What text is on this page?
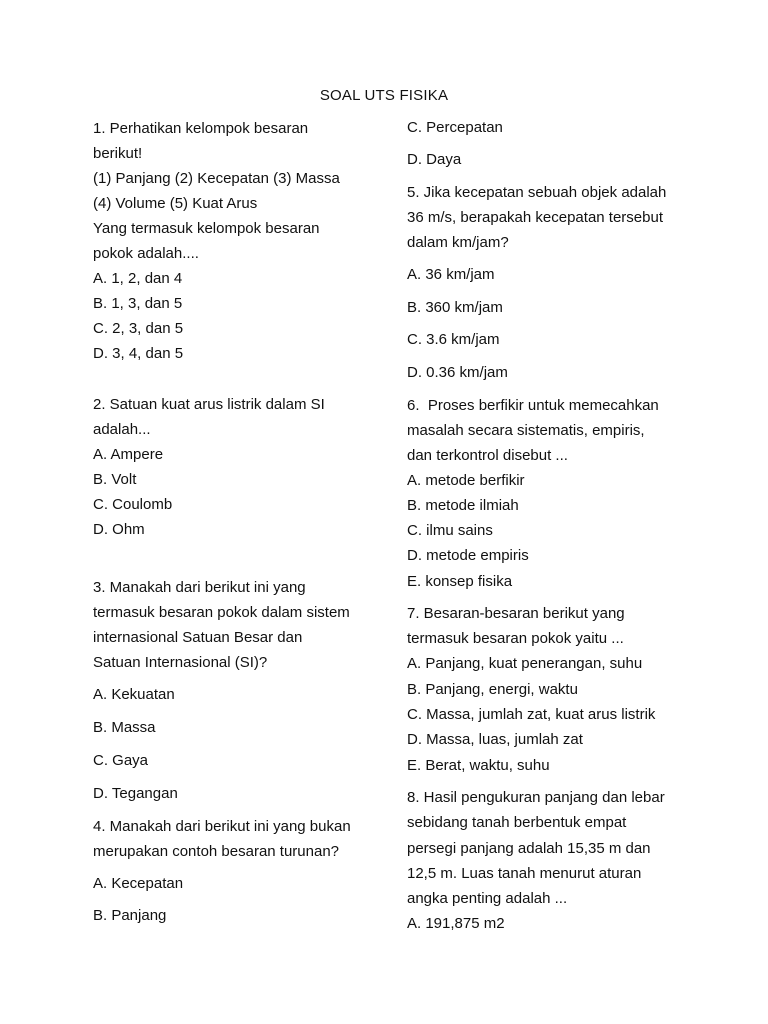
SOAL UTS FISIKA
1. Perhatikan kelompok besaran
berikut!
(1) Panjang (2) Kecepatan (3) Massa
(4) Volume (5) Kuat Arus
Yang termasuk kelompok besaran
pokok adalah....
A. 1, 2, dan 4
B. 1, 3, dan 5
C. 2, 3, dan 5
D. 3, 4, dan 5
2. Satuan kuat arus listrik dalam SI
adalah...
A. Ampere
B. Volt
C. Coulomb
D. Ohm
3. Manakah dari berikut ini yang
termasuk besaran pokok dalam sistem
internasional Satuan Besar dan
Satuan Internasional (SI)?
A. Kekuatan
B. Massa
C. Gaya
D. Tegangan
4. Manakah dari berikut ini yang bukan
merupakan contoh besaran turunan?
A. Kecepatan
B. Panjang
C. Percepatan
D. Daya
5. Jika kecepatan sebuah objek adalah
36 m/s, berapakah kecepatan tersebut
dalam km/jam?
A. 36 km/jam
B. 360 km/jam
C. 3.6 km/jam
D. 0.36 km/jam
6.  Proses berfikir untuk memecahkan
masalah secara sistematis, empiris,
dan terkontrol disebut ...
A. metode berfikir
B. metode ilmiah
C. ilmu sains
D. metode empiris
E. konsep fisika
7. Besaran-besaran berikut yang
termasuk besaran pokok yaitu ...
A. Panjang, kuat penerangan, suhu
B. Panjang, energi, waktu
C. Massa, jumlah zat, kuat arus listrik
D. Massa, luas, jumlah zat
E. Berat, waktu, suhu
8. Hasil pengukuran panjang dan lebar
sebidang tanah berbentuk empat
persegi panjang adalah 15,35 m dan
12,5 m. Luas tanah menurut aturan
angka penting adalah ...
A. 191,875 m2
